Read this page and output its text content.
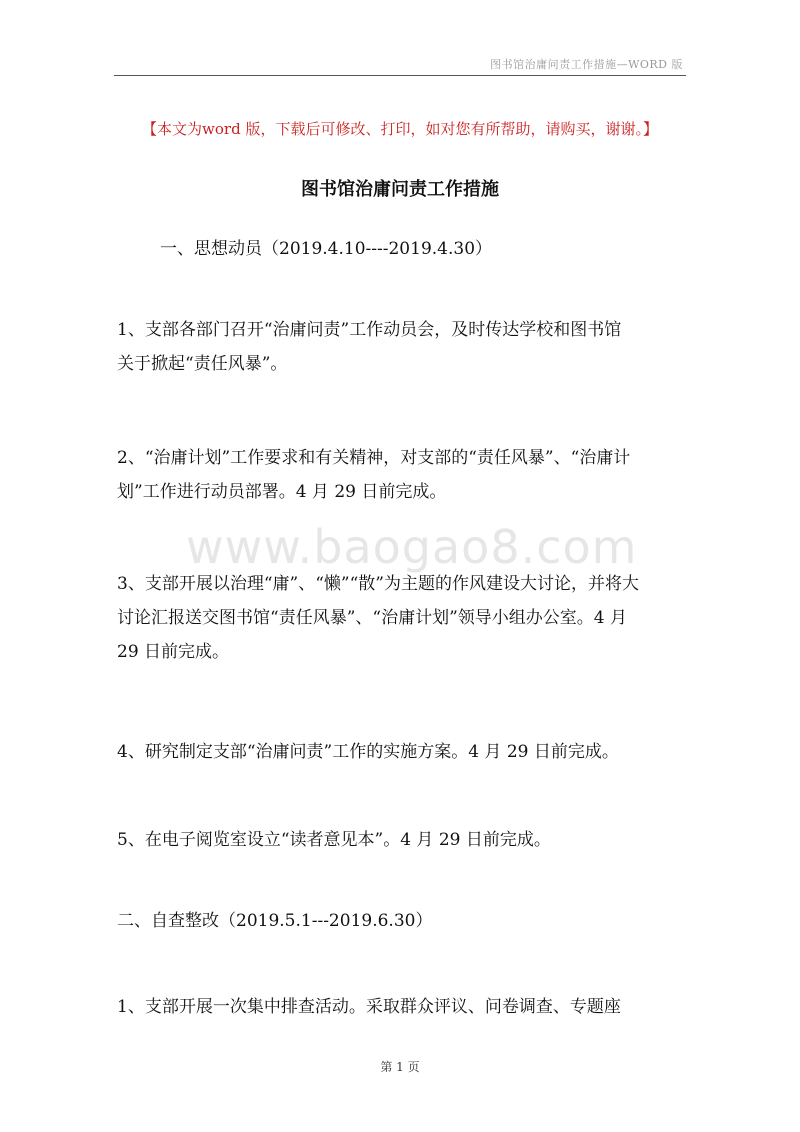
图书馆治庸问责工作措施—WORD 版
【本文为word 版，下载后可修改、打印，如对您有所帮助，请购买，谢谢。】
图书馆治庸问责工作措施
一、思想动员（2019.4.10----2019.4.30）
1、支部各部门召开“治庸问责”工作动员会，及时传达学校和图书馆
关于掀起“责任风暴”。
2、“治庸计划”工作要求和有关精神，对支部的“责任风暴”、“治庸计
划”工作进行动员部署。4 月 29 日前完成。
www.baogao8.com
3、支部开展以治理“庸”、“懒”“散”为主题的作风建设大讨论，并将大
讨论汇报送交图书馆“责任风暴”、“治庸计划”领导小组办公室。4 月
29 日前完成。
4、研究制定支部“治庸问责”工作的实施方案。4 月 29 日前完成。
5、在电子阅览室设立“读者意见本”。4 月 29 日前完成。
二、自查整改（2019.5.1---2019.6.30）
1、支部开展一次集中排查活动。采取群众评议、问卷调查、专题座
第 1 页
